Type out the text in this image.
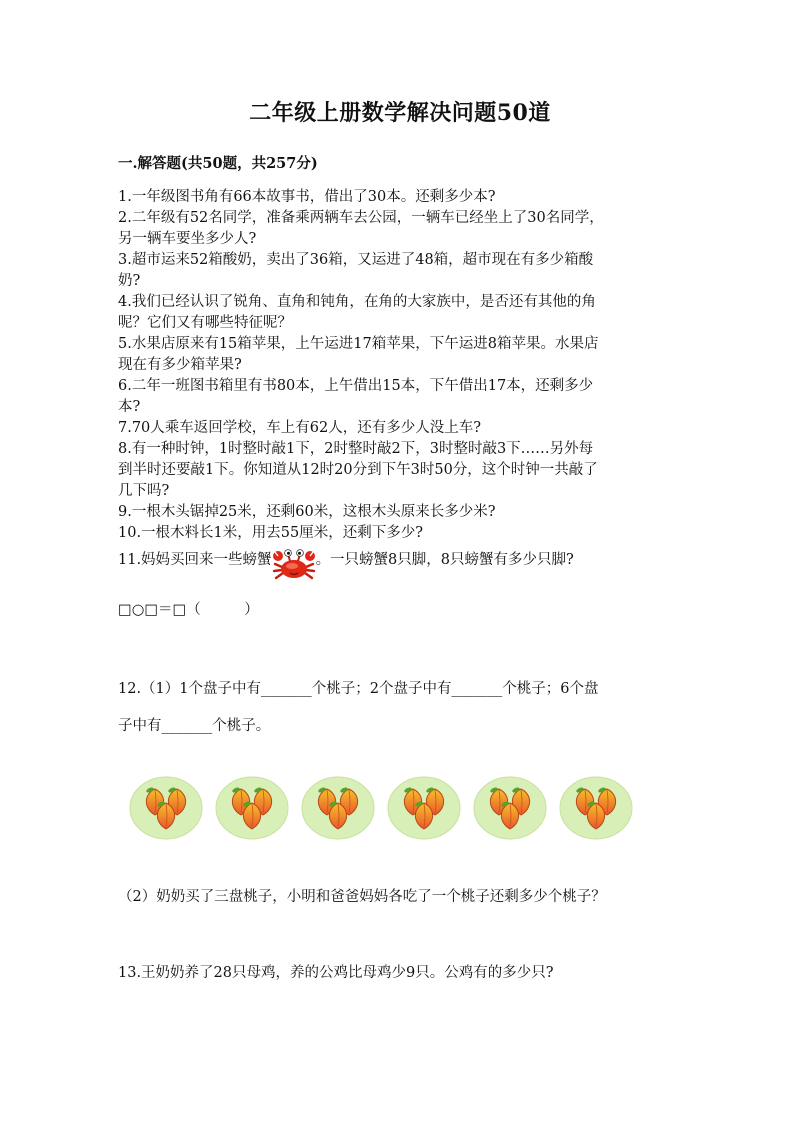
二年级上册数学解决问题50道
一.解答题(共50题，共257分)
1.一年级图书角有66本故事书，借出了30本。还剩多少本?
2.二年级有52名同学，准备乘两辆车去公园，一辆车已经坐上了30名同学，
另一辆车要坐多少人?
3.超市运来52箱酸奶，卖出了36箱，又运进了48箱，超市现在有多少箱酸
奶?
4.我们已经认识了锐角、直角和钝角，在角的大家族中，是否还有其他的角
呢？它们又有哪些特征呢？
5.水果店原来有15箱苹果，上午运进17箱苹果，下午运进8箱苹果。水果店
现在有多少箱苹果?
6.二年一班图书箱里有书80本，上午借出15本，下午借出17本，还剩多少
本?
7.70人乘车返回学校，车上有62人，还有多少人没上车?
8.有一种时钟，1时整时敲1下，2时整时敲2下，3时整时敲3下……另外每
到半时还要敲1下。你知道从12时20分到下午3时50分，这个时钟一共敲了
几下吗?
9.一根木头锯掉25米，还剩60米，这根木头原来长多少米?
10.一根木料长1米，用去55厘米，还剩下多少?
11.妈妈买回来一些螃蟹	。一只螃蟹8只脚，8只螃蟹有多少只脚?
□○□＝□（　　　）
12.（1）1个盘子中有_______个桃子；2个盘子中有_______个桃子；6个盘
子中有_______个桃子。
（2）奶奶买了三盘桃子，小明和爸爸妈妈各吃了一个桃子还剩多少个桃子？
13.王奶奶养了28只母鸡，养的公鸡比母鸡少9只。公鸡有的多少只?
